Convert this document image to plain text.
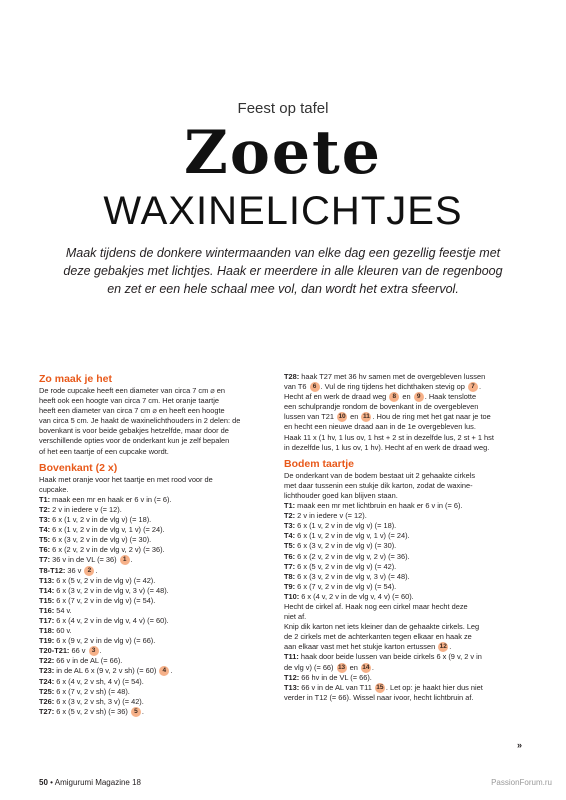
Feest op tafel
Zoete
WAXINELICHTJES
Maak tijdens de donkere wintermaanden van elke dag een gezellig feestje met deze gebakjes met lichtjes. Haak er meerdere in alle kleuren van de regenboog en zet er een hele schaal mee vol, dan wordt het extra sfeervol.
Zo maak je het

De rode cupcake heeft een diameter van circa 7 cm ⌀ en
heeft ook een hoogte van circa 7 cm. Het oranje taartje
heeft een diameter van circa 7 cm ⌀ en heeft een hoogte
van circa 5 cm. Je haakt de waxinelichthouders in 2 delen: de
bovenkant is voor beide gebakjes hetzelfde, maar door de
verschillende opties voor de onderkant kun je zelf bepalen
of het een taartje of een cupcake wordt.

Bovenkant (2 x)

Haak met oranje voor het taartje en met rood voor de
cupcake.

T1: maak een mr en haak er 6 v in (= 6).
T2: 2 v in iedere v (= 12).
T3: 6 x (1 v, 2 v in de vlg v) (= 18).
T4: 6 x (1 v, 2 v in de vlg v, 1 v) (= 24).
T5: 6 x (3 v, 2 v in de vlg v) (= 30).
T6: 6 x (2 v, 2 v in de vlg v, 2 v) (= 36).
T7: 36 v in de VL (= 36) 1 .
T8-T12: 36 v 2 .
T13: 6 x (5 v, 2 v in de vlg v) (= 42).
T14: 6 x (3 v, 2 v in de vlg v, 3 v) (= 48).
T15: 6 x (7 v, 2 v in de vlg v) (= 54).
T16: 54 v.
T17: 6 x (4 v, 2 v in de vlg v, 4 v) (= 60).
T18: 60 v.
T19: 6 x (9 v, 2 v in de vlg v) (= 66).
T20-T21: 66 v 3 .
T22: 66 v in de AL (= 66).
T23: in de AL 6 x (9 v, 2 v sh) (= 60) 4 .
T24: 6 x (4 v, 2 v sh, 4 v) (= 54).
T25: 6 x (7 v, 2 v sh) (= 48).
T26: 6 x (3 v, 2 v sh, 3 v) (= 42).
T27: 6 x (5 v, 2 v sh) (= 36) 5 .

T28: haak T27 met 36 hv samen met de overgebleven lussen
van T6 6 . Vul de ring tijdens het dichthaken stevig op 7 .
Hecht af en werk de draad weg 8 en 9 . Haak tenslotte
een schulprandje rondom de bovenkant in de overgebleven
lussen van T21 10 en 11 . Hou de ring met het gat naar je toe
en hecht een nieuwe draad aan in de 1e overgebleven lus.
Haak 11 x (1 hv, 1 lus ov, 1 hst + 2 st in dezelfde lus, 2 st + 1 hst
in dezelfde lus, 1 lus ov, 1 hv). Hecht af en werk de draad weg.

Bodem taartje

De onderkant van de bodem bestaat uit 2 gehaakte cirkels
met daar tussenin een stukje dik karton, zodat de waxine-
lichthouder goed kan blijven staan.

T1: maak een mr met lichtbruin en haak er 6 v in (= 6).
T2: 2 v in iedere v (= 12).
T3: 6 x (1 v, 2 v in de vlg v) (= 18).
T4: 6 x (1 v, 2 v in de vlg v, 1 v) (= 24).
T5: 6 x (3 v, 2 v in de vlg v) (= 30).
T6: 6 x (2 v, 2 v in de vlg v, 2 v) (= 36).
T7: 6 x (5 v, 2 v in de vlg v) (= 42).
T8: 6 x (3 v, 2 v in de vlg v, 3 v) (= 48).
T9: 6 x (7 v, 2 v in de vlg v) (= 54).
T10: 6 x (4 v, 2 v in de vlg v, 4 v) (= 60).

Hecht de cirkel af. Haak nog een cirkel maar hecht deze
niet af.
Knip dik karton net iets kleiner dan de gehaakte cirkels. Leg
de 2 cirkels met de achterkanten tegen elkaar en haak ze
aan elkaar vast met het stukje karton ertussen 12 .
T11: haak door beide lussen van beide cirkels 6 x (9 v, 2 v in
de vlg v) (= 66) 13 en 14 .
T12: 66 hv in de VL (= 66).
T13: 66 v in de AL van T11 15 . Let op: je haakt hier dus niet
verder in T12 (= 66). Wissel naar ivoor, hecht lichtbruin af.

»
50 • Amigurumi Magazine 18	PassionForum.ru
